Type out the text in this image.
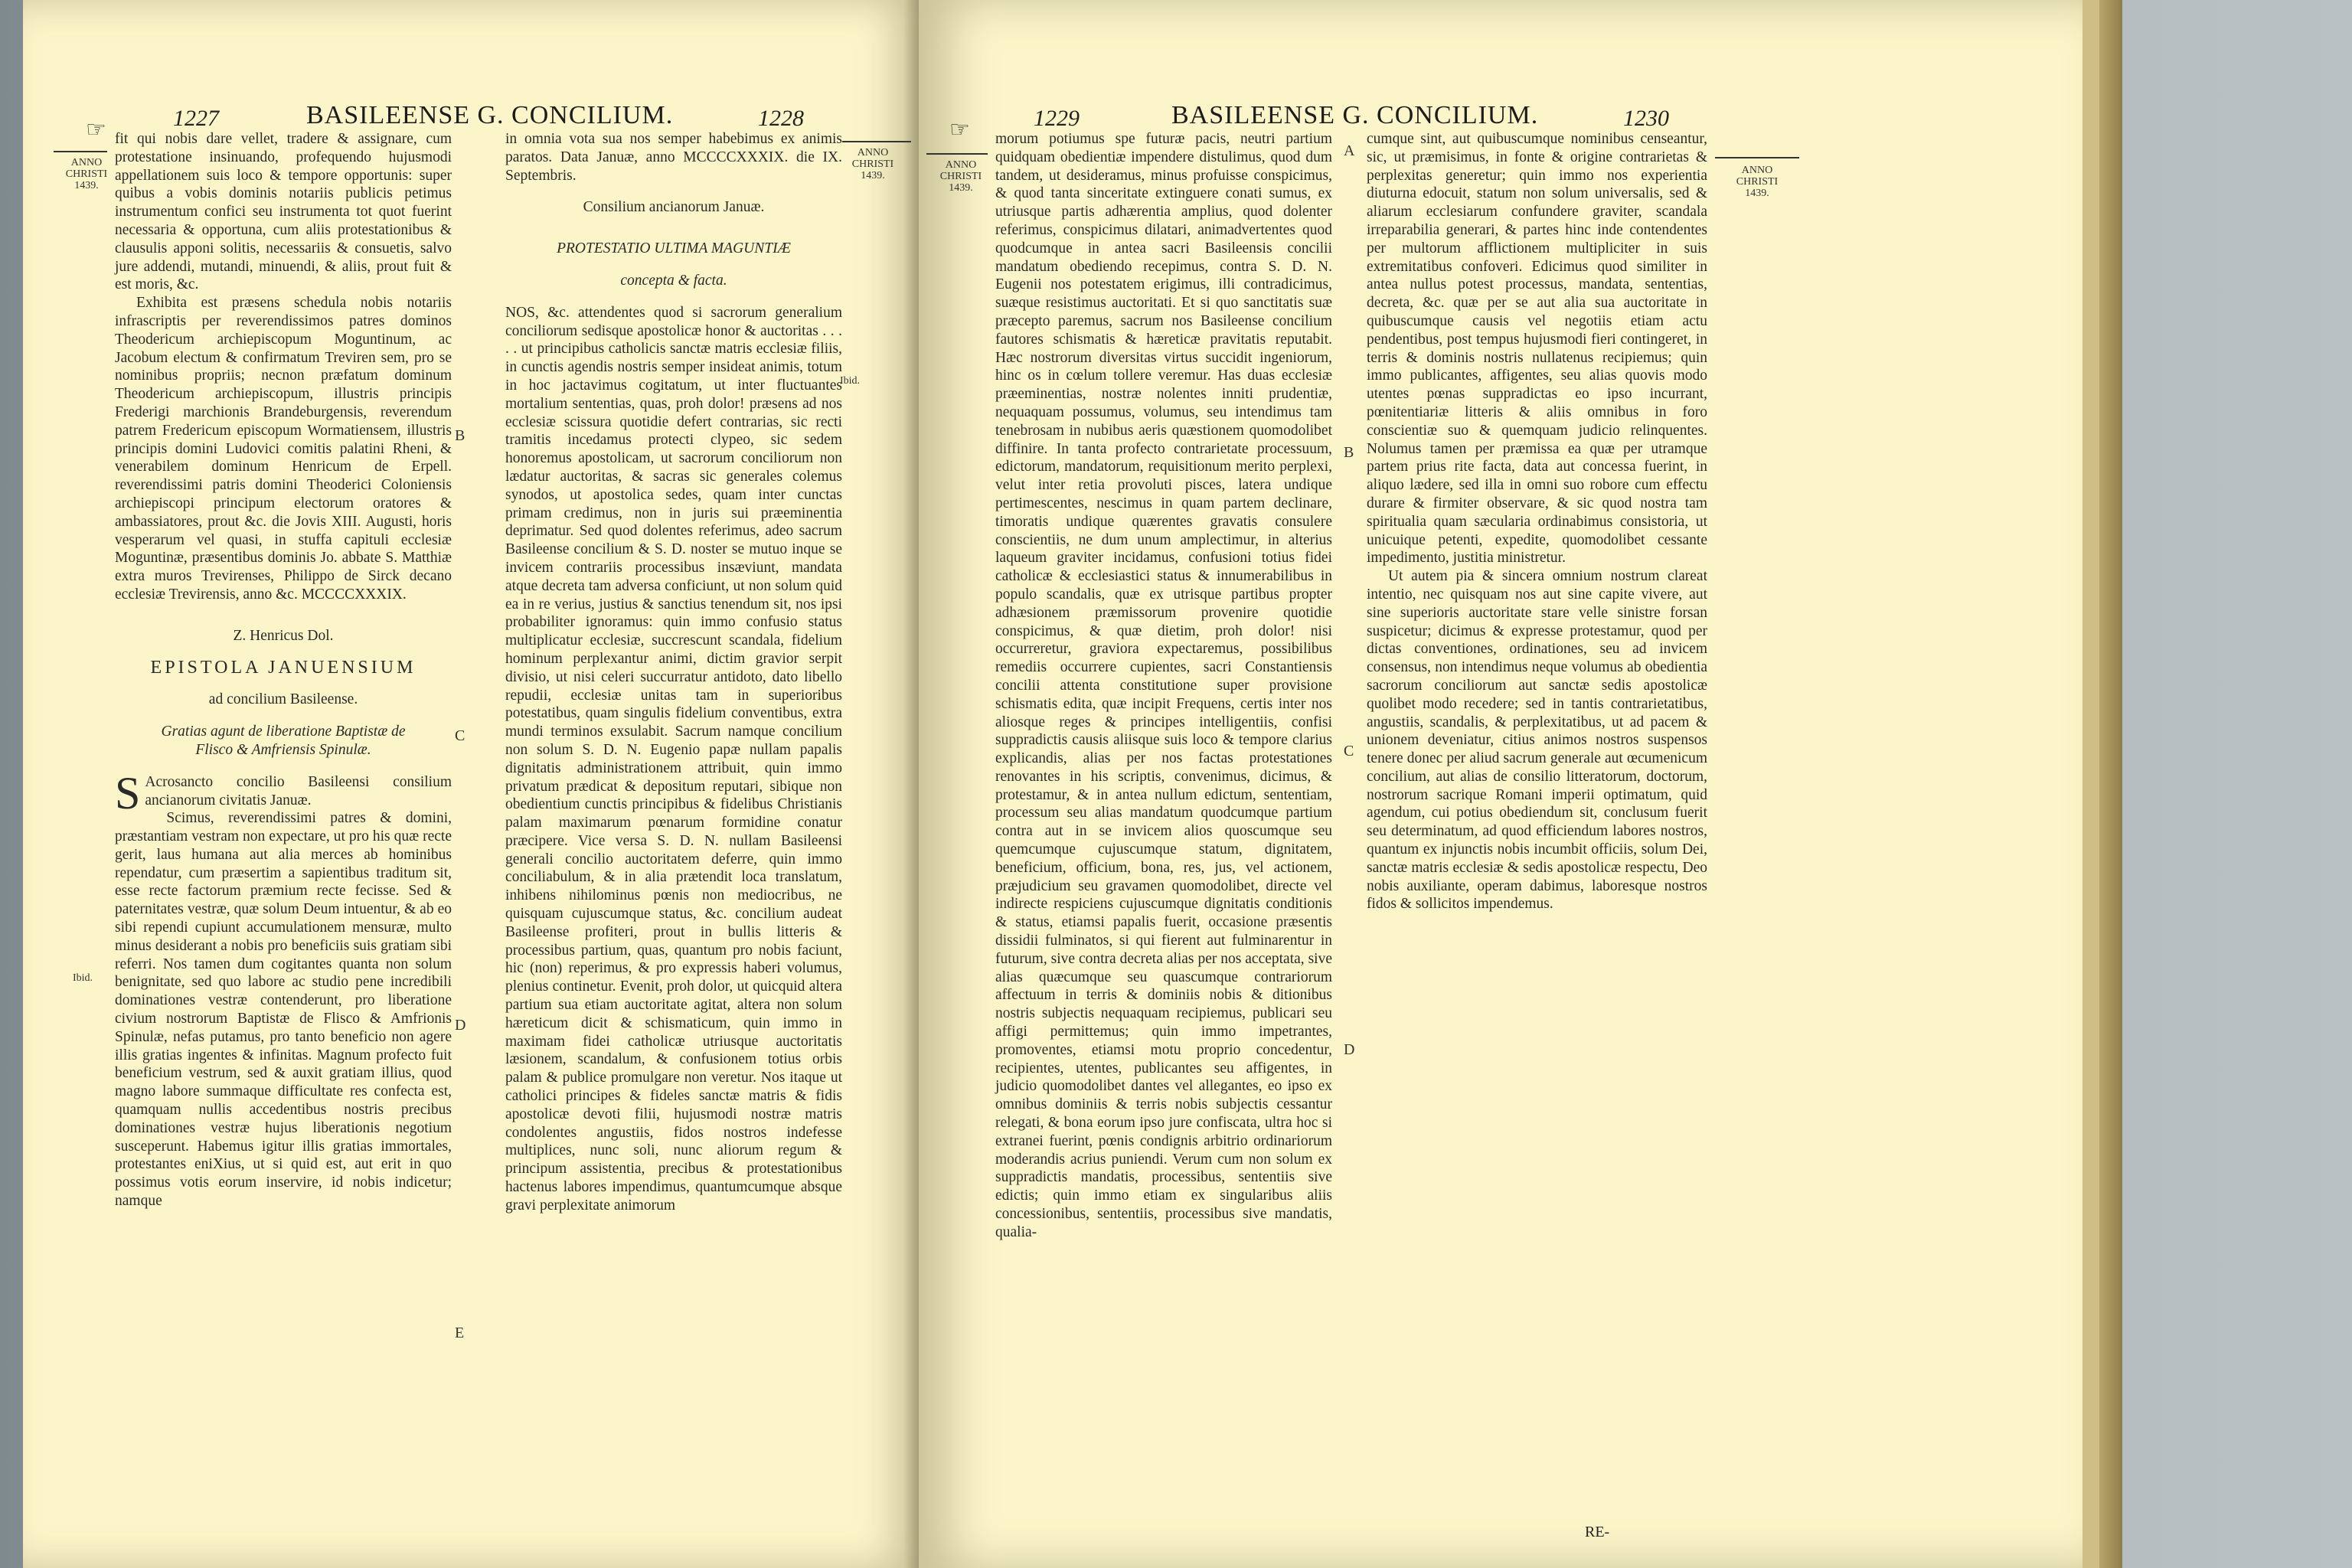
☞	1227	BASILEENSE G. CONCILIUM.	1228
ANNO CHRISTI 1439.
ANNO CHRISTI 1439.
Ibid.
Ibid.
B
C
D
E

fit qui nobis dare vellet, tradere & assignare, cum protestatione insinuando, profequendo hujusmodi appellationem suis loco & tempore opportunis: super quibus a vobis dominis notariis publicis petimus instrumentum confici seu instrumenta tot quot fuerint necessaria & opportuna, cum aliis protestationibus & clausulis apponi solitis, necessariis & consuetis, salvo jure addendi, mutandi, minuendi, & aliis, prout fuit & est moris, &c.

Exhibita est præsens schedula nobis notariis infrascriptis per reverendissimos patres dominos Theodericum archiepiscopum Moguntinum, ac Jacobum electum & confirmatum Treviren sem, pro se nominibus propriis; necnon præfatum dominum Theodericum archiepiscopum, illustris principis Frederigi marchionis Brandeburgensis, reverendum patrem Fredericum episcopum Wormatiensem, illustris principis domini Ludovici comitis palatini Rheni, & venerabilem dominum Henricum de Erpell. reverendissimi patris domini Theoderici Coloniensis archiepiscopi principum electorum oratores & ambassiatores, prout &c. die Jovis XIII. Augusti, horis vesperarum vel quasi, in stuffa capituli ecclesiæ Moguntinæ, præsentibus dominis Jo. abbate S. Matthiæ extra muros Trevirenses, Philippo de Sirck decano ecclesiæ Trevirensis, anno &c. MCCCCXXXIX.

Z. Henricus Dol.

EPISTOLA JANUENSIUM

ad concilium Basileense.

Gratias agunt de liberatione Baptistæ de Flisco & Amfriensis Spinulæ.

S Acrosancto concilio Basileensi consilium ancianorum civitatis Januæ.

Scimus, reverendissimi patres & domini, præstantiam vestram non expectare, ut pro his quæ recte gerit, laus humana aut alia merces ab hominibus rependatur, cum præsertim a sapientibus traditum sit, esse recte factorum præmium recte fecisse. Sed & paternitates vestræ, quæ solum Deum intuentur, & ab eo sibi rependi cupiunt accumulationem mensuræ, multo minus desiderant a nobis pro beneficiis suis gratiam sibi referri. Nos tamen dum cogitantes quanta non solum benignitate, sed quo labore ac studio pene incredibili dominationes vestræ contenderunt, pro liberatione civium nostrorum Baptistæ de Flisco & Amfrionis Spinulæ, nefas putamus, pro tanto beneficio non agere illis gratias ingentes & infinitas. Magnum profecto fuit beneficium vestrum, sed & auxit gratiam illius, quod magno labore summaque difficultate res confecta est, quamquam nullis accedentibus nostris precibus dominationes vestræ hujus liberationis negotium susceperunt. Habemus igitur illis gratias immortales, protestantes eniXius, ut si quid est, aut erit in quo possimus votis eorum inservire, id nobis indicetur; namque

in omnia vota sua nos semper habebimus ex animis paratos. Data Januæ, anno MCCCCXXXIX. die IX. Septembris.

Consilium ancianorum Januæ.

PROTESTATIO ULTIMA MAGUNTIÆ

concepta & facta.

NOS, &c. attendentes quod si sacrorum generalium conciliorum sedisque apostolicæ honor & auctoritas . . . . . ut principibus catholicis sanctæ matris ecclesiæ filiis, in cunctis agendis nostris semper insideat animis, totum in hoc jactavimus cogitatum, ut inter fluctuantes mortalium sententias, quas, proh dolor! præsens ad nos ecclesiæ scissura quotidie defert contrarias, sic recti tramitis incedamus protecti clypeo, sic sedem honoremus apostolicam, ut sacrorum conciliorum non lædatur auctoritas, & sacras sic generales colemus synodos, ut apostolica sedes, quam inter cunctas primam credimus, non in juris sui præeminentia deprimatur. Sed quod dolentes referimus, adeo sacrum Basileense concilium & S. D. noster se mutuo inque se invicem contrariis processibus insæviunt, mandata atque decreta tam adversa conficiunt, ut non solum quid ea in re verius, justius & sanctius tenendum sit, nos ipsi probabiliter ignoramus: quin immo confusio status multiplicatur ecclesiæ, succrescunt scandala, fidelium hominum perplexantur animi, dictim gravior serpit divisio, ut nisi celeri succurratur antidoto, dato libello repudii, ecclesiæ unitas tam in superioribus potestatibus, quam singulis fidelium conventibus, extra mundi terminos exsulabit. Sacrum namque concilium non solum S. D. N. Eugenio papæ nullam papalis dignitatis administrationem attribuit, quin immo privatum prædicat & depositum reputari, sibique non obedientium cunctis principibus & fidelibus Christianis palam maximarum pœnarum formidine conatur præcipere. Vice versa S. D. N. nullam Basileensi generali concilio auctoritatem deferre, quin immo conciliabulum, & in alia prætendit loca translatum, inhibens nihilominus pœnis non mediocribus, ne quisquam cujuscumque status, &c. concilium audeat Basileense profiteri, prout in bullis litteris & processibus partium, quas, quantum pro nobis faciunt, hic (non) reperimus, & pro expressis haberi volumus, plenius continetur. Evenit, proh dolor, ut quicquid altera partium sua etiam auctoritate agitat, altera non solum hæreticum dicit & schismaticum, quin immo in maximam fidei catholicæ utriusque auctoritatis læsionem, scandalum, & confusionem totius orbis palam & publice promulgare non veretur. Nos itaque ut catholici principes & fideles sanctæ matris & fidis apostolicæ devoti filii, hujusmodi nostræ matris condolentes angustiis, fidos nostros indefesse multiplices, nunc soli, nunc aliorum regum & principum assistentia, precibus & protestationibus hactenus labores impendimus, quantumcumque absque gravi perplexitate animorum

☞	1229	BASILEENSE G. CONCILIUM.	1230
ANNO CHRISTI 1439.
ANNO CHRISTI 1439.
A
B
C
D

morum potiumus spe futuræ pacis, neutri partium quidquam obedientiæ impendere distulimus, quod dum tandem, ut desideramus, minus profuisse conspicimus, & quod tanta sinceritate extinguere conati sumus, ex utriusque partis adhærentia amplius, quod dolenter referimus, conspicimus dilatari, animadvertentes quod quodcumque in antea sacri Basileensis concilii mandatum obediendo recepimus, contra S. D. N. Eugenii nos potestatem erigimus, illi contradicimus, suæque resistimus auctoritati. Et si quo sanctitatis suæ præcepto paremus, sacrum nos Basileense concilium fautores schismatis & hæreticæ pravitatis reputabit. Hæc nostrorum diversitas virtus succidit ingeniorum, hinc os in cœlum tollere veremur. Has duas ecclesiæ præeminentias, nostræ nolentes inniti prudentiæ, nequaquam possumus, volumus, seu intendimus tam tenebrosam in nubibus aeris quæstionem quomodolibet diffinire. In tanta profecto contrarietate processuum, edictorum, mandatorum, requisitionum merito perplexi, velut inter retia provoluti pisces, latera undique pertimescentes, nescimus in quam partem declinare, timoratis undique quærentes gravatis consulere conscientiis, ne dum unum amplectimur, in alterius laqueum graviter incidamus, confusioni totius fidei catholicæ & ecclesiastici status & innumerabilibus in populo scandalis, quæ ex utrisque partibus propter adhæsionem præmissorum provenire quotidie conspicimus, & quæ dietim, proh dolor! nisi occurreretur, graviora expectaremus, possibilibus remediis occurrere cupientes, sacri Constantiensis concilii attenta constitutione super provisione schismatis edita, quæ incipit Frequens, certis inter nos aliosque reges & principes intelligentiis, confisi suppradictis causis aliisque suis loco & tempore clarius explicandis, alias per nos factas protestationes renovantes in his scriptis, convenimus, dicimus, & protestamur, & in antea nullum edictum, sententiam, processum seu alias mandatum quodcumque partium contra aut in se invicem alios quoscumque seu quemcumque cujuscumque statum, dignitatem, beneficium, officium, bona, res, jus, vel actionem, præjudicium seu gravamen quomodolibet, directe vel indirecte respiciens cujuscumque dignitatis conditionis & status, etiamsi papalis fuerit, occasione præsentis dissidii fulminatos, si qui fierent aut fulminarentur in futurum, sive contra decreta alias per nos acceptata, sive alias quæcumque seu quascumque contrariorum affectuum in terris & dominiis nobis & ditionibus nostris subjectis nequaquam recipiemus, publicari seu affigi permittemus; quin immo impetrantes, promoventes, etiamsi motu proprio concedentur, recipientes, utentes, publicantes seu affigentes, in judicio quomodolibet dantes vel allegantes, eo ipso ex omnibus dominiis & terris nobis subjectis cessantur relegati, & bona eorum ipso jure confiscata, ultra hoc si extranei fuerint, pœnis condignis arbitrio ordinariorum moderandis acrius puniendi. Verum cum non solum ex suppradictis mandatis, processibus, sententiis sive edictis; quin immo etiam ex singularibus aliis concessionibus, sententiis, processibus sive mandatis, qualia-

cumque sint, aut quibuscumque nominibus censeantur, sic, ut præmisimus, in fonte & origine contrarietas & perplexitas generetur; quin immo nos experientia diuturna edocuit, statum non solum universalis, sed & aliarum ecclesiarum confundere graviter, scandala irreparabilia generari, & partes hinc inde contendentes per multorum afflictionem multipliciter in suis extremitatibus confoveri. Edicimus quod similiter in antea nullus potest processus, mandata, sententias, decreta, &c. quæ per se aut alia sua auctoritate in quibuscumque causis vel negotiis etiam actu pendentibus, post tempus hujusmodi fieri contingeret, in terris & dominis nostris nullatenus recipiemus; quin immo publicantes, affigentes, seu alias quovis modo utentes pœnas suppradictas eo ipso incurrant, pœnitentiariæ litteris & aliis omnibus in foro conscientiæ suo & quemquam judicio relinquentes. Nolumus tamen per præmissa ea quæ per utramque partem prius rite facta, data aut concessa fuerint, in aliquo lædere, sed illa in omni suo robore cum effectu durare & firmiter observare, & sic quod nostra tam spiritualia quam sæcularia ordinabimus consistoria, ut unicuique petenti, expedite, quomodolibet cessante impedimento, justitia ministretur.

Ut autem pia & sincera omnium nostrum clareat intentio, nec quisquam nos aut sine capite vivere, aut sine superioris auctoritate stare velle sinistre forsan suspicetur; dicimus & expresse protestamur, quod per dictas conventiones, ordinationes, seu ad invicem consensus, non intendimus neque volumus ab obedientia sacrorum conciliorum aut sanctæ sedis apostolicæ quolibet modo recedere; sed in tantis contrarietatibus, angustiis, scandalis, & perplexitatibus, ut ad pacem & unionem deveniatur, citius animos nostros suspensos tenere donec per aliud sacrum generale aut œcumenicum concilium, aut alias de consilio litteratorum, doctorum, nostrorum sacrique Romani imperii optimatum, quid agendum, cui potius obediendum sit, conclusum fuerit seu determinatum, ad quod efficiendum labores nostros, quantum ex injunctis nobis incumbit officiis, solum Dei, sanctæ matris ecclesiæ & sedis apostolicæ respectu, Deo nobis auxiliante, operam dabimus, laboresque nostros fidos & sollicitos impendemus.

RE-
